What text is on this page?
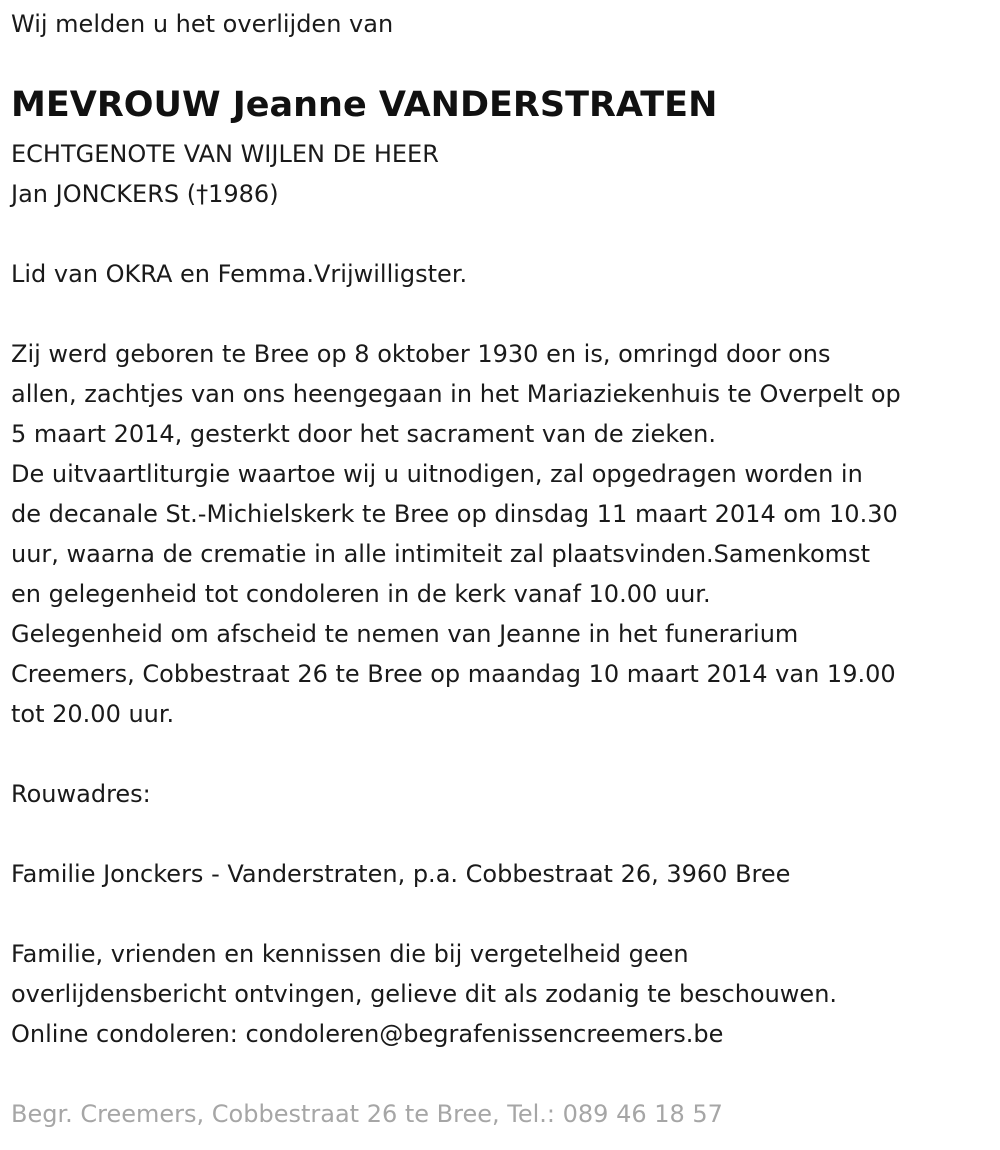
Wij melden u het overlijden van

MEVROUW Jeanne VANDERSTRATEN

ECHTGENOTE VAN WIJLEN DE HEER

Jan JONCKERS (†1986)

Lid van OKRA en Femma.Vrijwilligster.

Zij werd geboren te Bree op 8 oktober 1930 en is, omringd door ons

allen, zachtjes van ons heengegaan in het Mariaziekenhuis te Overpelt op

5 maart 2014, gesterkt door het sacrament van de zieken.

De uitvaartliturgie waartoe wij u uitnodigen, zal opgedragen worden in

de decanale St.-Michielskerk te Bree op dinsdag 11 maart 2014 om 10.30

uur, waarna de crematie in alle intimiteit zal plaatsvinden.Samenkomst

en gelegenheid tot condoleren in de kerk vanaf 10.00 uur.

Gelegenheid om afscheid te nemen van Jeanne in het funerarium

Creemers, Cobbestraat 26 te Bree op maandag 10 maart 2014 van 19.00

tot 20.00 uur.

Rouwadres:

Familie Jonckers - Vanderstraten, p.a. Cobbestraat 26, 3960 Bree

Familie, vrienden en kennissen die bij vergetelheid geen

overlijdensbericht ontvingen, gelieve dit als zodanig te beschouwen.

Online condoleren: condoleren@begrafenissencreemers.be

Begr. Creemers, Cobbestraat 26 te Bree, Tel.: 089 46 18 57
